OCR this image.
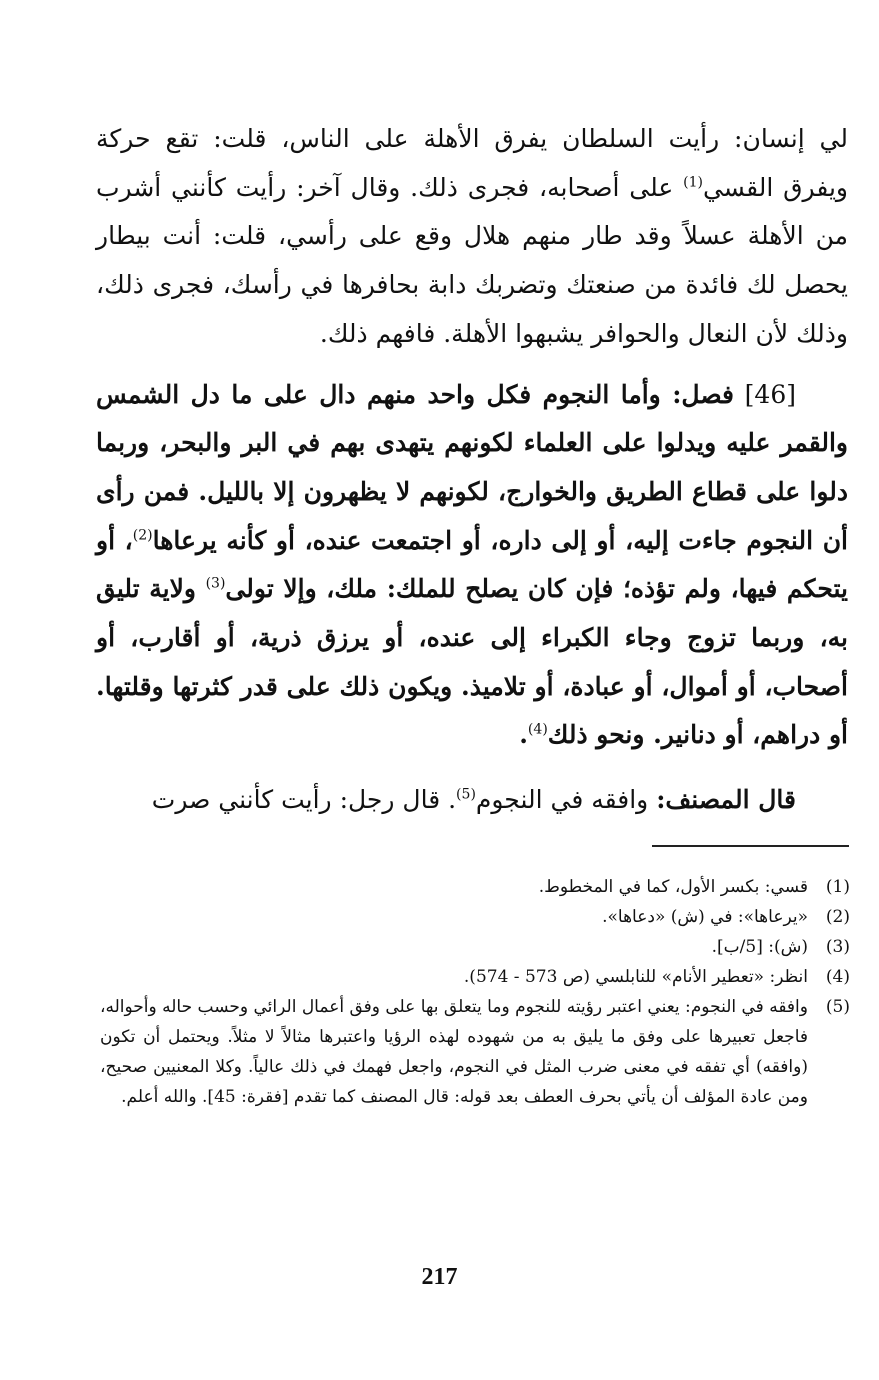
لي إنسان: رأيت السلطان يفرق الأهلة على الناس، قلت: تقع حركة ويفرق القسي$^{(1)}$ على أصحابه، فجرى ذلك. وقال آخر: رأيت كأنني أشرب من الأهلة عسلاً وقد طار منهم هلال وقع على رأسي، قلت: أنت بيطار يحصل لك فائدة من صنعتك وتضربك دابة بحافرها في رأسك، فجرى ذلك، وذلك لأن النعال والحوافر يشبهوا الأهلة. فافهم ذلك.

[46] فصل: وأما النجوم فكل واحد منهم دال على ما دل الشمس والقمر عليه ويدلوا على العلماء لكونهم يتهدى بهم في البر والبحر، وربما دلوا على قطاع الطريق والخوارج، لكونهم لا يظهرون إلا بالليل. فمن رأى أن النجوم جاءت إليه، أو إلى داره، أو اجتمعت عنده، أو كأنه يرعاها$^{(2)}$، أو يتحكم فيها، ولم تؤذه؛ فإن كان يصلح للملك: ملك، وإلا تولى$^{(3)}$ ولاية تليق به، وربما تزوج وجاء الكبراء إلى عنده، أو يرزق ذرية، أو أقارب، أو أصحاب، أو أموال، أو عبادة، أو تلاميذ. ويكون ذلك على قدر كثرتها وقلتها. أو دراهم، أو دنانير. ونحو ذلك$^{(4)}$.

قال المصنف: وافقه في النجوم$^{(5)}$. قال رجل: رأيت كأنني صرت

(1)
قسي: بكسر الأول، كما في المخطوط.
(2)
«يرعاها»: في (ش) «دعاها».
(3)
(ش): [5/ب].
(4)
انظر: «تعطير الأنام» للنابلسي (ص 573 - 574).
(5)
وافقه في النجوم: يعني اعتبر رؤيته للنجوم وما يتعلق بها على وفق أعمال الرائي وحسب حاله وأحواله، فاجعل تعبيرها على وفق ما يليق به من شهوده لهذه الرؤيا واعتبرها مثالاً لا مثلاً. ويحتمل أن تكون (وافقه) أي تفقه في معنى ضرب المثل في النجوم، واجعل فهمك في ذلك عالياً. وكلا المعنيين صحيح، ومن عادة المؤلف أن يأتي بحرف العطف بعد قوله: قال المصنف كما تقدم [فقرة: 45]. والله أعلم.
217
